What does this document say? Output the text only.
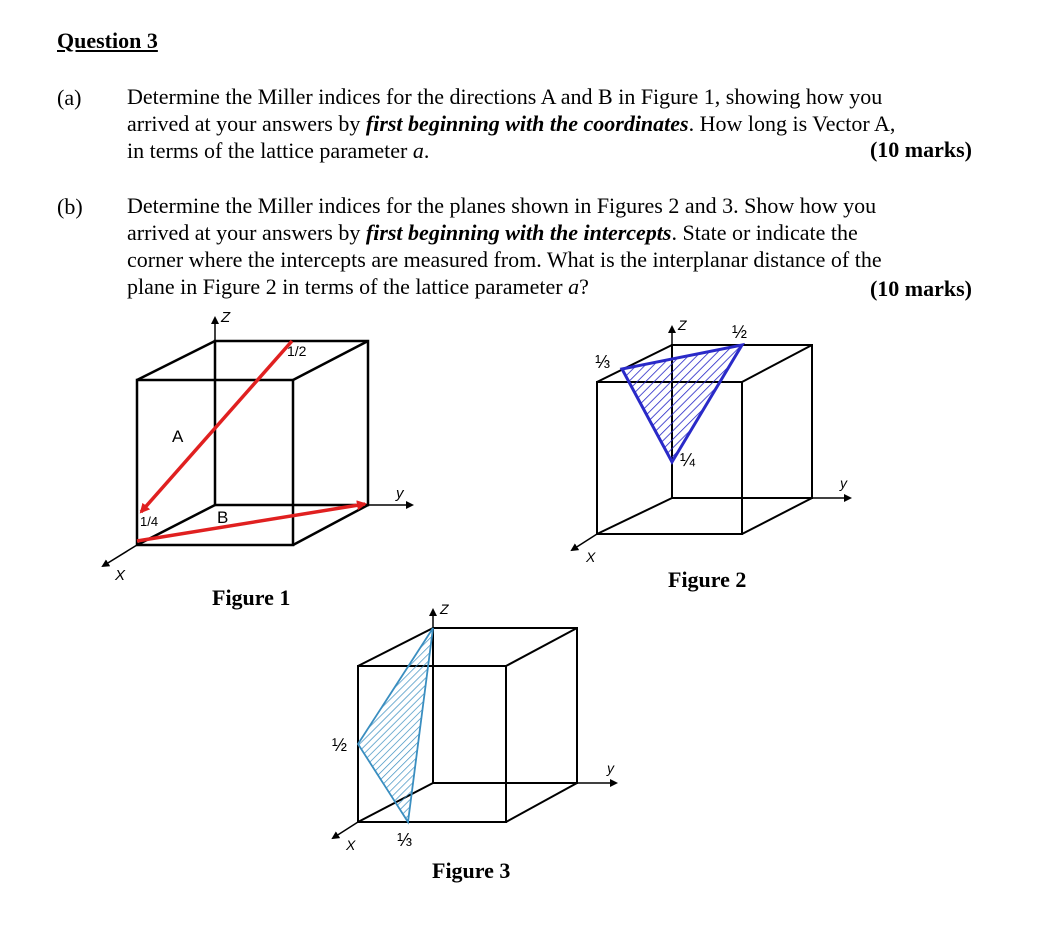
Question 3
(a) Determine the Miller indices for the directions A and B in Figure 1, showing how you
arrived at your answers by first beginning with the coordinates. How long is Vector A,
in terms of the lattice parameter a.	(10 marks)
(b) Determine the Miller indices for the planes shown in Figures 2 and 3. Show how you
arrived at your answers by first beginning with the intercepts. State or indicate the
corner where the intercepts are measured from. What is the interplanar distance of the
plane in Figure 2 in terms of the lattice parameter a?	(10 marks)
Z
X
y
1/2
1/4
A
B
Figure 1
Z
X
y
⅓
½
¼
Figure 2
Z
X
y
½
⅓
Figure 3
